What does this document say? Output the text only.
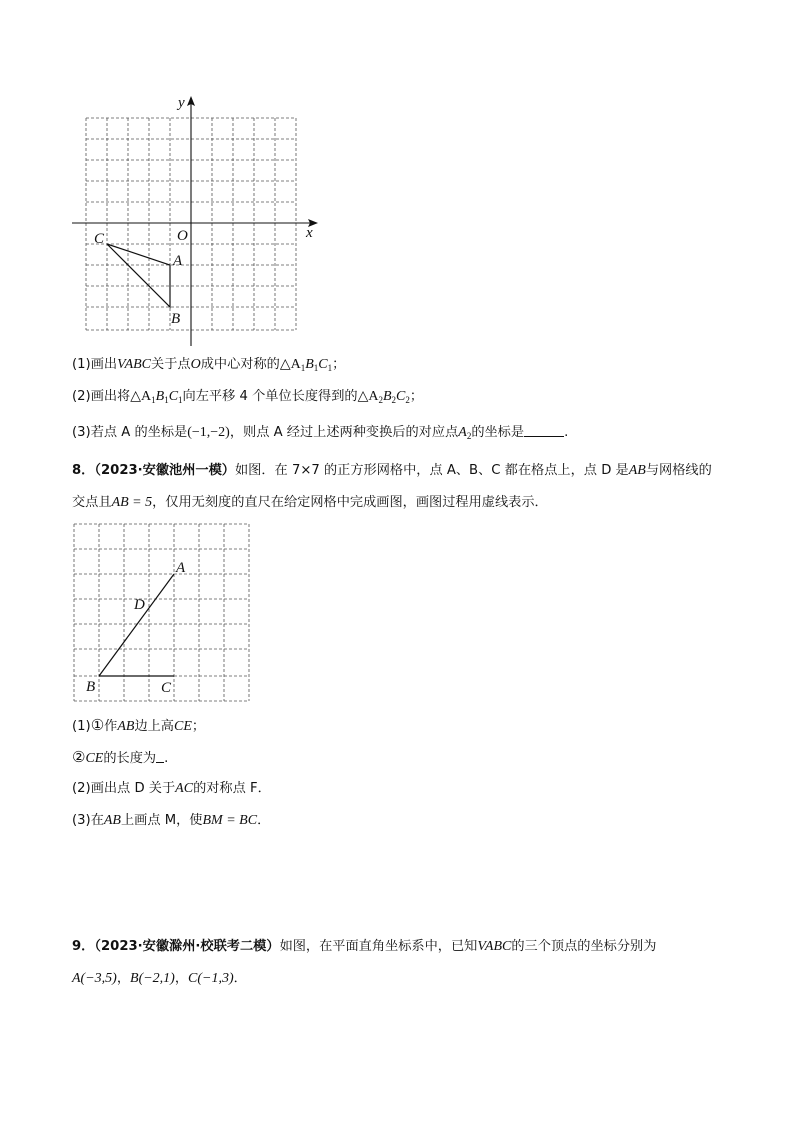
x
y
O
C
A
B
(1)画出VABC关于点O成中心对称的$\triangle A_1B_1C_1$；
(2)画出将$\triangle A_1B_1C_1$向左平移 4 个单位长度得到的$\triangle A_2B_2C_2$；
(3)若点 A 的坐标是(−1,−2)，则点 A 经过上述两种变换后的对应点$A_2$的坐标是	.
8．（2023·安徽池州一模）如图．在 7×7 的正方形网格中，点 A、B、C 都在格点上，点 D 是AB与网格线的
交点且AB = 5，仅用无刻度的直尺在给定网格中完成画图，画图过程用虚线表示．
A
D
B	C
(1)①作AB边上高CE；
②CE的长度为 .
(2)画出点 D 关于AC的对称点 F．
(3)在AB上画点 M，使BM = BC．
9．（2023·安徽滁州·校联考二模）如图，在平面直角坐标系中，已知VABC的三个顶点的坐标分别为
A(−3,5)，B(−2,1)，C(−1,3)．
